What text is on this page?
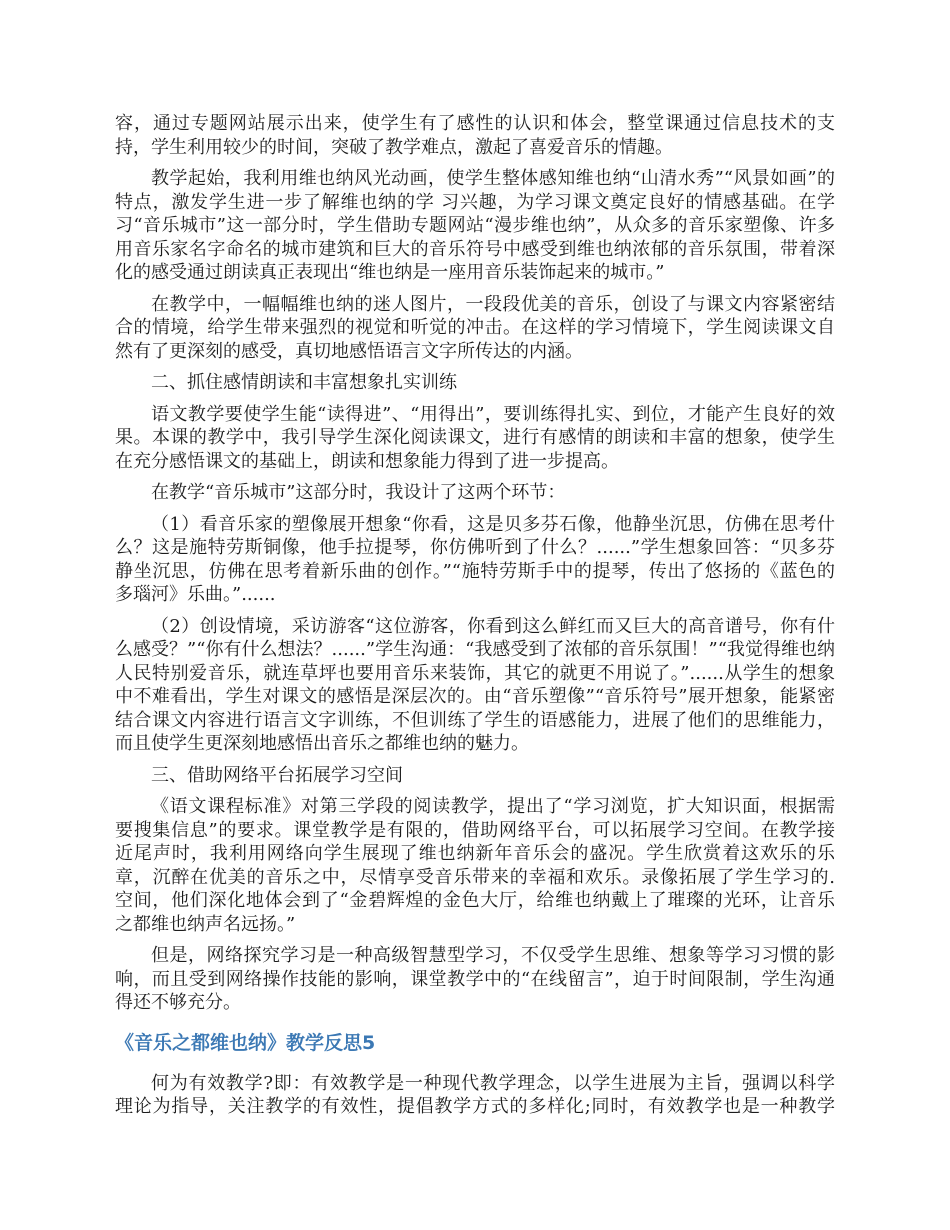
容，通过专题网站展示出来，使学生有了感性的认识和体会，整堂课通过信息技术的支
持，学生利用较少的时间，突破了教学难点，激起了喜爱音乐的情趣。
教学起始，我利用维也纳风光动画，使学生整体感知维也纳“山清水秀”“风景如画”的
特点，激发学生进一步了解维也纳的学 习兴趣，为学习课文奠定良好的情感基础。在学
习“音乐城市”这一部分时，学生借助专题网站“漫步维也纳”，从众多的音乐家塑像、许多
用音乐家名字命名的城市建筑和巨大的音乐符号中感受到维也纳浓郁的音乐氛围，带着深
化的感受通过朗读真正表现出“维也纳是一座用音乐装饰起来的城市。”
在教学中，一幅幅维也纳的迷人图片，一段段优美的音乐，创设了与课文内容紧密结
合的情境，给学生带来强烈的视觉和听觉的冲击。在这样的学习情境下，学生阅读课文自
然有了更深刻的感受，真切地感悟语言文字所传达的内涵。
二、抓住感情朗读和丰富想象扎实训练
语文教学要使学生能“读得进”、“用得出”，要训练得扎实、到位，才能产生良好的效
果。本课的教学中，我引导学生深化阅读课文，进行有感情的朗读和丰富的想象，使学生
在充分感悟课文的基础上，朗读和想象能力得到了进一步提高。
在教学“音乐城市”这部分时，我设计了这两个环节：
（1）看音乐家的塑像展开想象“你看，这是贝多芬石像，他静坐沉思，仿佛在思考什
么？这是施特劳斯铜像，他手拉提琴，你仿佛听到了什么？......”学生想象回答：“贝多芬
静坐沉思，仿佛在思考着新乐曲的创作。”“施特劳斯手中的提琴，传出了悠扬的《蓝色的
多瑙河》乐曲。”......
（2）创设情境，采访游客“这位游客，你看到这么鲜红而又巨大的高音谱号，你有什
么感受？”“你有什么想法？......”学生沟通：“我感受到了浓郁的音乐氛围！”“我觉得维也纳
人民特别爱音乐，就连草坪也要用音乐来装饰，其它的就更不用说了。”......从学生的想象
中不难看出，学生对课文的感悟是深层次的。由“音乐塑像”“音乐符号”展开想象，能紧密
结合课文内容进行语言文字训练，不但训练了学生的语感能力，进展了他们的思维能力，
而且使学生更深刻地感悟出音乐之都维也纳的魅力。
三、借助网络平台拓展学习空间
《语文课程标准》对第三学段的阅读教学，提出了“学习浏览，扩大知识面，根据需
要搜集信息”的要求。课堂教学是有限的，借助网络平台，可以拓展学习空间。在教学接
近尾声时，我利用网络向学生展现了维也纳新年音乐会的盛况。学生欣赏着这欢乐的乐
章，沉醉在优美的音乐之中，尽情享受音乐带来的幸福和欢乐。录像拓展了学生学习的.
空间，他们深化地体会到了“金碧辉煌的金色大厅，给维也纳戴上了璀璨的光环，让音乐
之都维也纳声名远扬。”
但是，网络探究学习是一种高级智慧型学习，不仅受学生思维、想象等学习习惯的影
响，而且受到网络操作技能的影响，课堂教学中的“在线留言”，迫于时间限制，学生沟通
得还不够充分。
《音乐之都维也纳》教学反思5
何为有效教学?即：有效教学是一种现代教学理念，以学生进展为主旨，强调以科学
理论为指导，关注教学的有效性，提倡教学方式的多样化;同时，有效教学也是一种教学
